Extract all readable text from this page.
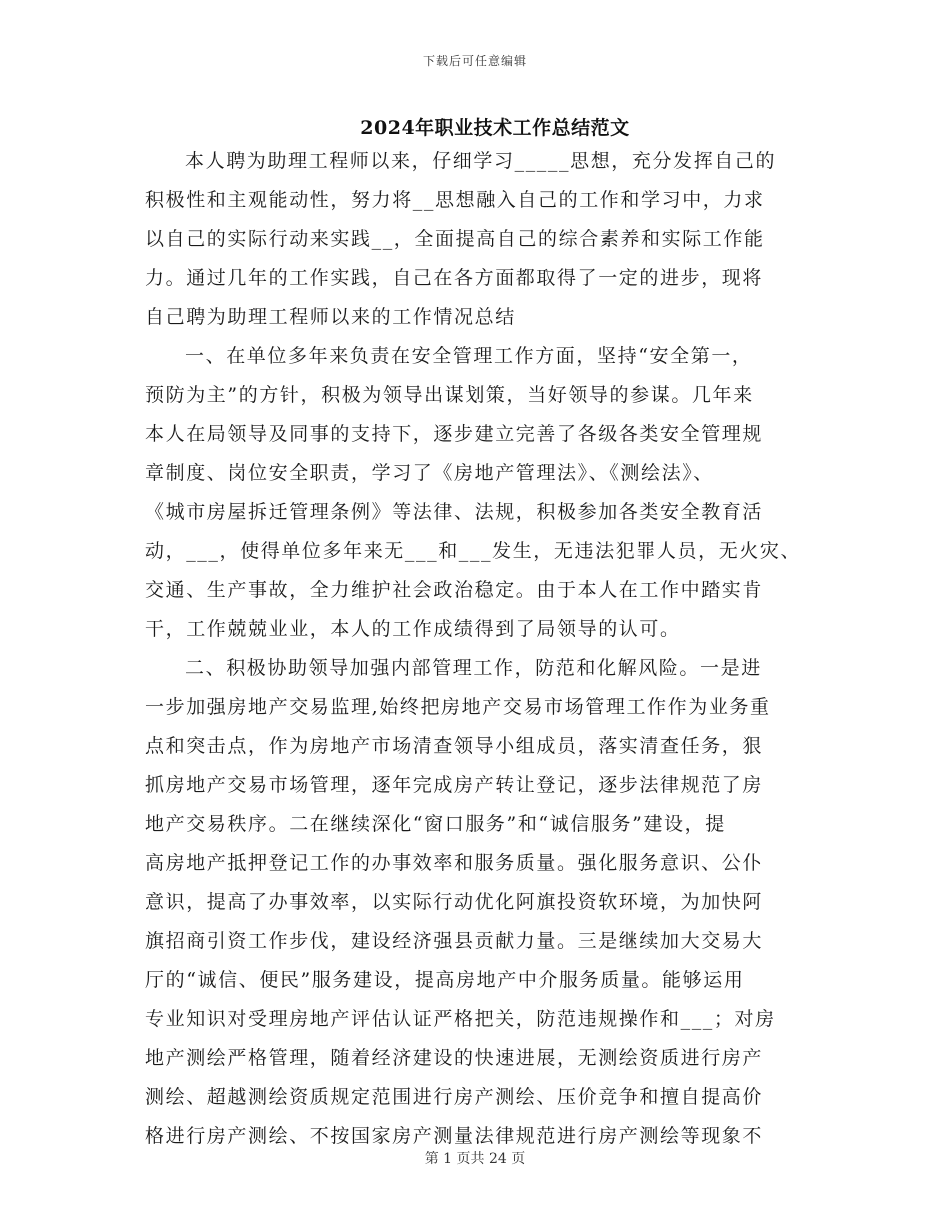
下载后可任意编辑
2024年职业技术工作总结范文
本人聘为助理工程师以来，仔细学习_____思想，充分发挥自己的
积极性和主观能动性，努力将__思想融入自己的工作和学习中，力求
以自己的实际行动来实践__，全面提高自己的综合素养和实际工作能
力。通过几年的工作实践，自己在各方面都取得了一定的进步，现将
自己聘为助理工程师以来的工作情况总结
一、在单位多年来负责在安全管理工作方面，坚持“安全第一，
预防为主”的方针，积极为领导出谋划策，当好领导的参谋。几年来
本人在局领导及同事的支持下，逐步建立完善了各级各类安全管理规
章制度、岗位安全职责，学习了《房地产管理法》、《测绘法》、
《城市房屋拆迁管理条例》等法律、法规，积极参加各类安全教育活
动，___，使得单位多年来无___和___发生，无违法犯罪人员，无火灾、
交通、生产事故，全力维护社会政治稳定。由于本人在工作中踏实肯
干，工作兢兢业业，本人的工作成绩得到了局领导的认可。
二、积极协助领导加强内部管理工作，防范和化解风险。一是进
一步加强房地产交易监理,始终把房地产交易市场管理工作作为业务重
点和突击点，作为房地产市场清查领导小组成员，落实清查任务，狠
抓房地产交易市场管理，逐年完成房产转让登记，逐步法律规范了房
地产交易秩序。二在继续深化“窗口服务”和“诚信服务”建设，提
高房地产抵押登记工作的办事效率和服务质量。强化服务意识、公仆
意识，提高了办事效率，以实际行动优化阿旗投资软环境，为加快阿
旗招商引资工作步伐，建设经济强县贡献力量。三是继续加大交易大
厅的“诚信、便民”服务建设，提高房地产中介服务质量。能够运用
专业知识对受理房地产评估认证严格把关，防范违规操作和___；对房
地产测绘严格管理，随着经济建设的快速进展，无测绘资质进行房产
测绘、超越测绘资质规定范围进行房产测绘、压价竞争和擅自提高价
格进行房产测绘、不按国家房产测量法律规范进行房产测绘等现象不
第 1 页共 24 页
